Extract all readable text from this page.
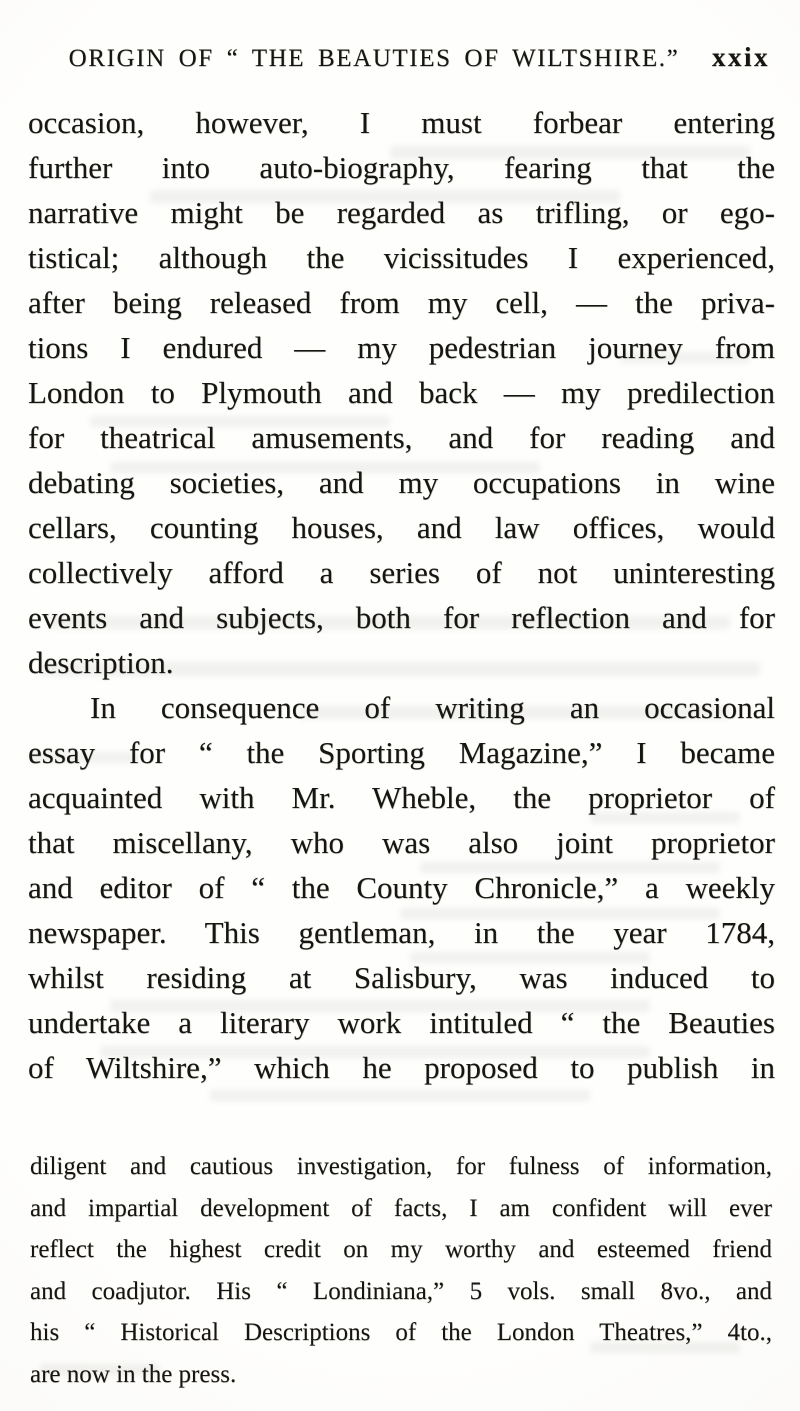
ORIGIN OF “ THE BEAUTIES OF WILTSHIRE.”	xxix
occasion, however, I must forbear entering
further into auto-biography, fearing that the
narrative might be regarded as trifling, or ego-
tistical; although the vicissitudes I experienced,
after being released from my cell, — the priva-
tions I endured — my pedestrian journey from
London to Plymouth and back — my predilection
for theatrical amusements, and for reading and
debating societies, and my occupations in wine
cellars, counting houses, and law offices, would
collectively afford a series of not uninteresting
events and subjects, both for reflection and for
description.
In consequence of writing an occasional
essay for “ the Sporting Magazine,” I became
acquainted with Mr. Wheble, the proprietor of
that miscellany, who was also joint proprietor
and editor of “ the County Chronicle,” a weekly
newspaper. This gentleman, in the year 1784,
whilst residing at Salisbury, was induced to
undertake a literary work intituled “ the Beauties
of Wiltshire,” which he proposed to publish in
diligent and cautious investigation, for fulness of information,
and impartial development of facts, I am confident will ever
reflect the highest credit on my worthy and esteemed friend
and coadjutor. His “ Londiniana,” 5 vols. small 8vo., and
his “ Historical Descriptions of the London Theatres,” 4to.,
are now in the press.
